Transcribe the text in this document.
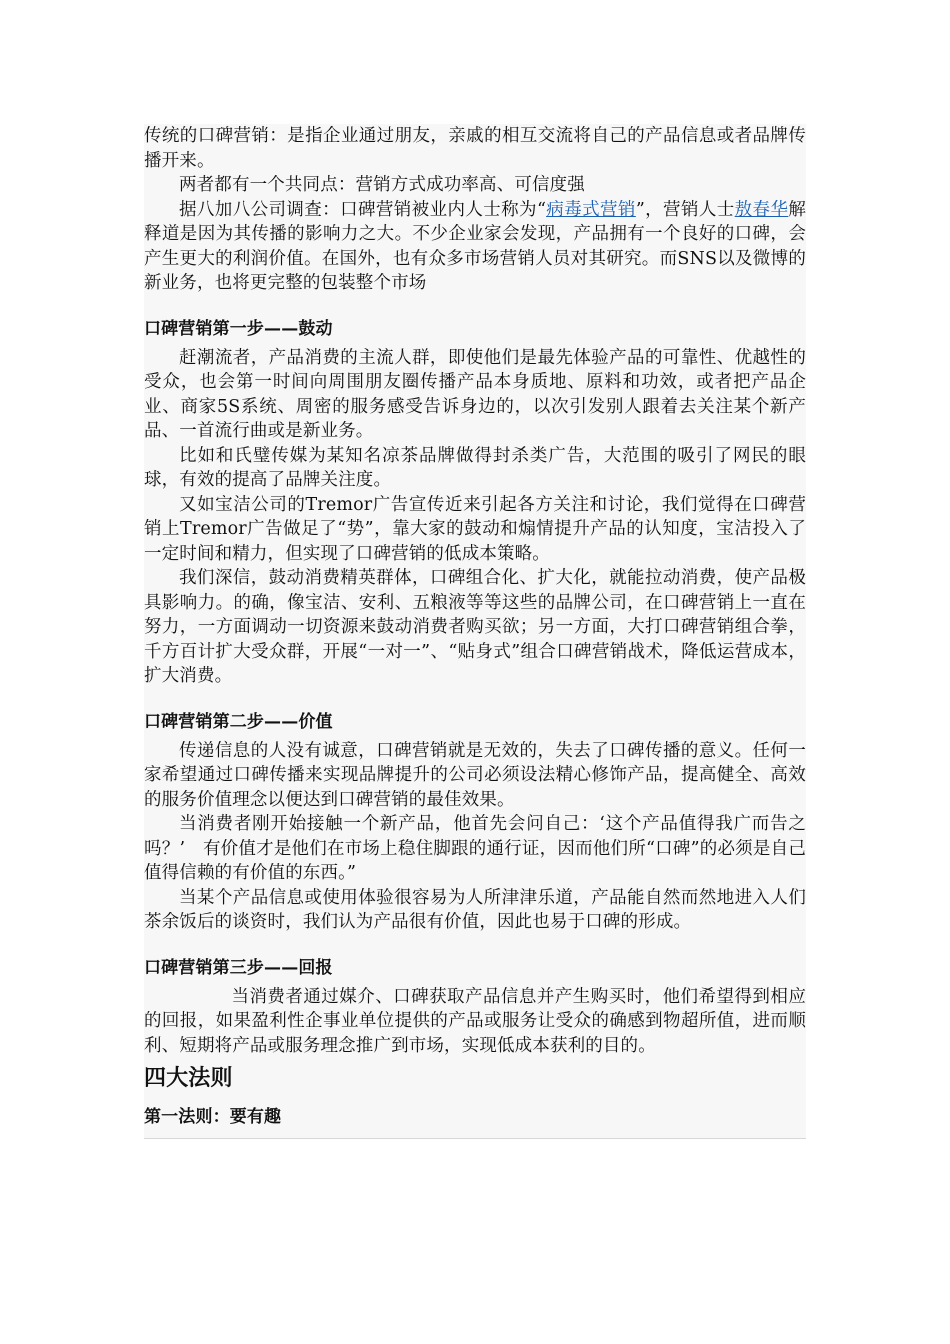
传统的口碑营销：是指企业通过朋友，亲戚的相互交流将自己的产品信息或者品牌传播开来。

两者都有一个共同点：营销方式成功率高、可信度强

据八加八公司调查：口碑营销被业内人士称为“病毒式营销”，营销人士敖春华解释道是因为其传播的影响力之大。不少企业家会发现，产品拥有一个良好的口碑，会产生更大的利润价值。在国外，也有众多市场营销人员对其研究。而SNS以及微博的新业务，也将更完整的包装整个市场

口碑营销第一步——鼓动

赶潮流者，产品消费的主流人群，即使他们是最先体验产品的可靠性、优越性的受众，也会第一时间向周围朋友圈传播产品本身质地、原料和功效，或者把产品企业、商家5S系统、周密的服务感受告诉身边的，以次引发别人跟着去关注某个新产品、一首流行曲或是新业务。

比如和氏璧传媒为某知名凉茶品牌做得封杀类广告，大范围的吸引了网民的眼球，有效的提高了品牌关注度。

又如宝洁公司的Tremor广告宣传近来引起各方关注和讨论，我们觉得在口碑营销上Tremor广告做足了“势”，靠大家的鼓动和煽情提升产品的认知度，宝洁投入了一定时间和精力，但实现了口碑营销的低成本策略。

我们深信，鼓动消费精英群体，口碑组合化、扩大化，就能拉动消费，使产品极具影响力。的确，像宝洁、安利、五粮液等等这些的品牌公司，在口碑营销上一直在努力，一方面调动一切资源来鼓动消费者购买欲；另一方面，大打口碑营销组合拳，千方百计扩大受众群，开展“一对一”、“贴身式”组合口碑营销战术，降低运营成本，扩大消费。

口碑营销第二步——价值

传递信息的人没有诚意，口碑营销就是无效的，失去了口碑传播的意义。任何一家希望通过口碑传播来实现品牌提升的公司必须设法精心修饰产品，提高健全、高效的服务价值理念以便达到口碑营销的最佳效果。

当消费者刚开始接触一个新产品，他首先会问自己：‘这个产品值得我广而告之吗？’　有价值才是他们在市场上稳住脚跟的通行证，因而他们所“口碑”的必须是自己值得信赖的有价值的东西。”

当某个产品信息或使用体验很容易为人所津津乐道，产品能自然而然地进入人们茶余饭后的谈资时，我们认为产品很有价值，因此也易于口碑的形成。

口碑营销第三步——回报

当消费者通过媒介、口碑获取产品信息并产生购买时，他们希望得到相应的回报，如果盈利性企事业单位提供的产品或服务让受众的确感到物超所值，进而顺利、短期将产品或服务理念推广到市场，实现低成本获利的目的。

四大法则
第一法则：要有趣
